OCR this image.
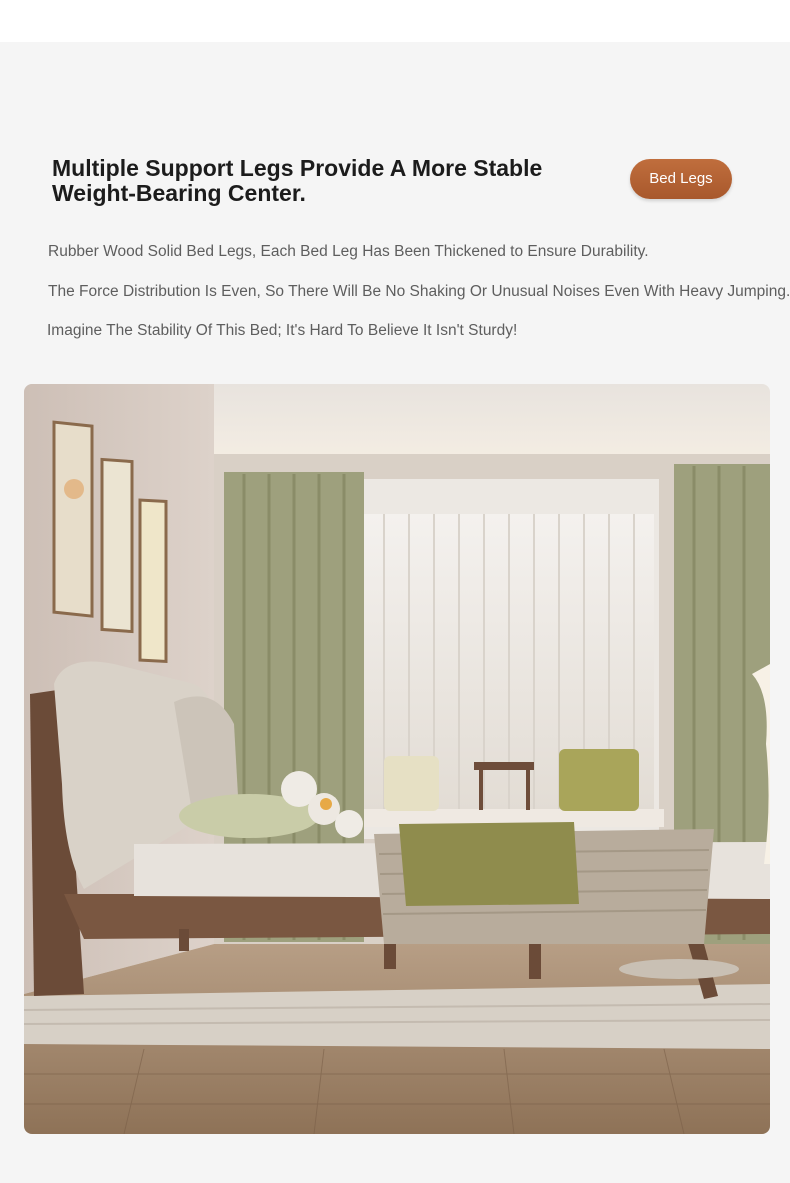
Multiple Support Legs Provide A More Stable
Weight-Bearing Center.
Bed Legs

Rubber Wood Solid Bed Legs, Each Bed Leg Has Been Thickened to Ensure Durability.

The Force Distribution Is Even, So There Will Be No Shaking Or Unusual Noises Even With Heavy Jumping.

Imagine The Stability Of This Bed; It's Hard To Believe It Isn't Sturdy!
